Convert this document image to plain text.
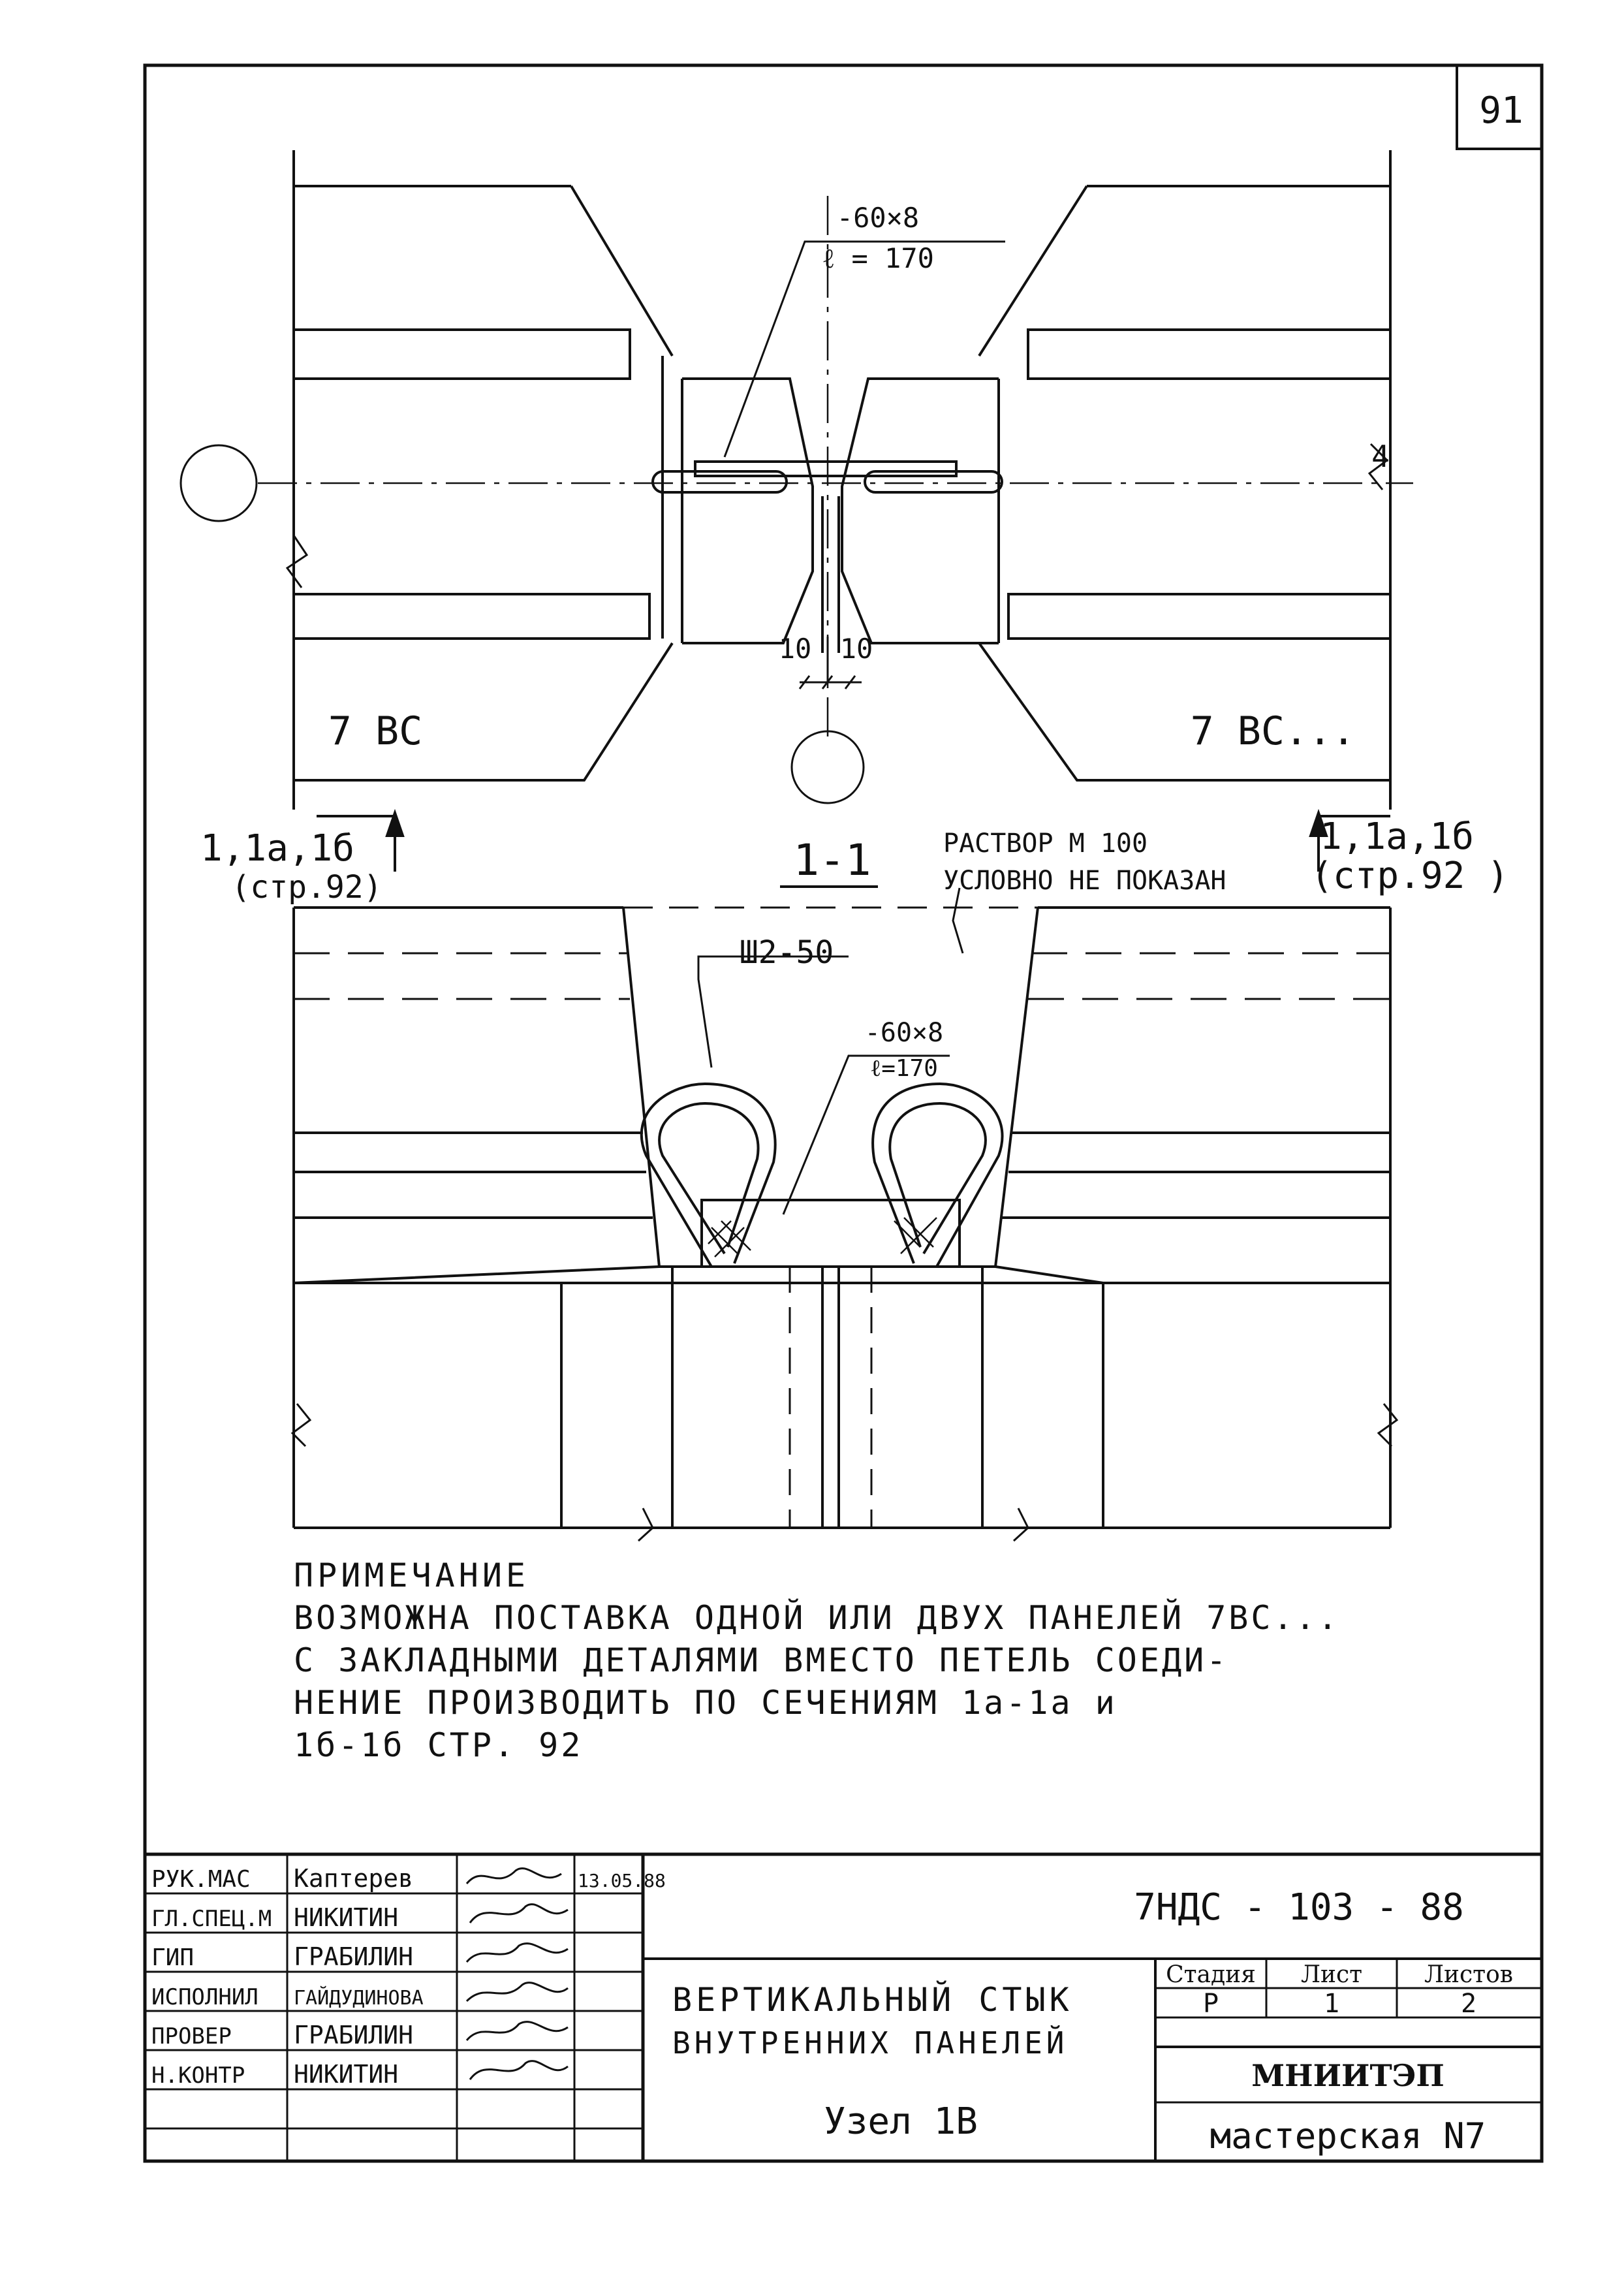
91
-60×8
ℓ = 170
7 ВС	7 ВС...
10 10
4
1,1а,1б
(стр.92)
1,1а,1б
(стр.92 )
1-1	РАСТВОР М 100
УСЛОВНО НЕ ПОКАЗАН
Ш2-50
-60×8
ℓ=170
ПРИМЕЧАНИЕ
ВОЗМОЖНА ПОСТАВКА ОДНОЙ ИЛИ ДВУХ ПАНЕЛЕЙ 7ВС...
С ЗАКЛАДНЫМИ ДЕТАЛЯМИ ВМЕСТО ПЕТЕЛЬ СОЕДИ-
НЕНИЕ ПРОИЗВОДИТЬ ПО СЕЧЕНИЯМ 1а-1а и
1б-1б СТР. 92
РУК.МАС Каптерев	13.05.88
ГЛ.СПЕЦ.М НИКИТИН
ГИП	ГРАБИЛИН
ИСПОЛНИЛ ГАЙДУДИНОВА
ПРОВЕР	ГРАБИЛИН
Н.КОНТР НИКИТИН
7НДС - 103 - 88
ВЕРТИКАЛЬНЫЙ СТЫК
ВНУТРЕННИХ ПАНЕЛЕЙ
Узел 1В
Стадия Лист	Листов
Р	1	2
МНИИТЭП
мастерская N7
